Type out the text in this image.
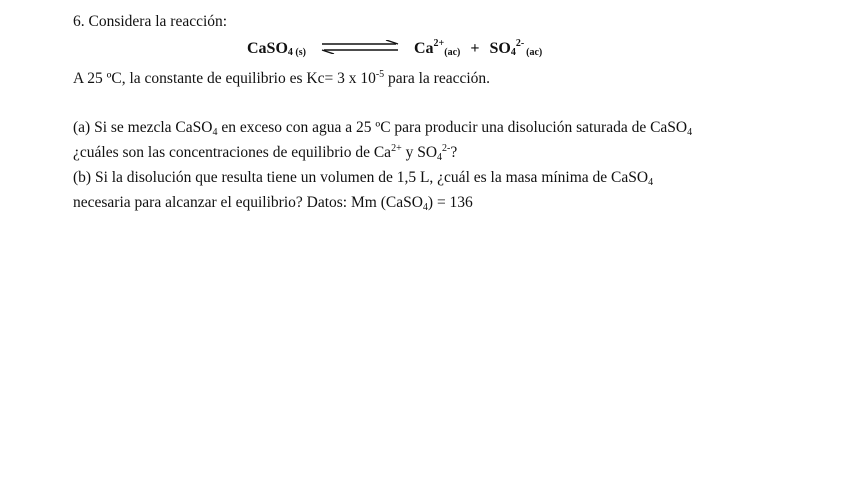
6. Considera la reacción:
CaSO$_{4 (s)}$	$Ca^{2+}$
$_{(ac)} + SO_4$
$^{2-}$
$_{(ac)}$
A 25 ºC, la constante de equilibrio es Kc= 3 x $10^{-5}$ para la reacción.
(a) Si se mezcla CaSO$_4$ en exceso con agua a 25 ºC para producir una disolución saturada de CaSO$_4$
¿cuáles son las concentraciones de equilibrio de $Ca^{2+}$ y $SO_4^{2-}$?
(b) Si la disolución que resulta tiene un volumen de 1,5 L, ¿cuál es la masa mínima de CaSO$_4$
necesaria para alcanzar el equilibrio? Datos: Mm (CaSO$_4$) = 136
